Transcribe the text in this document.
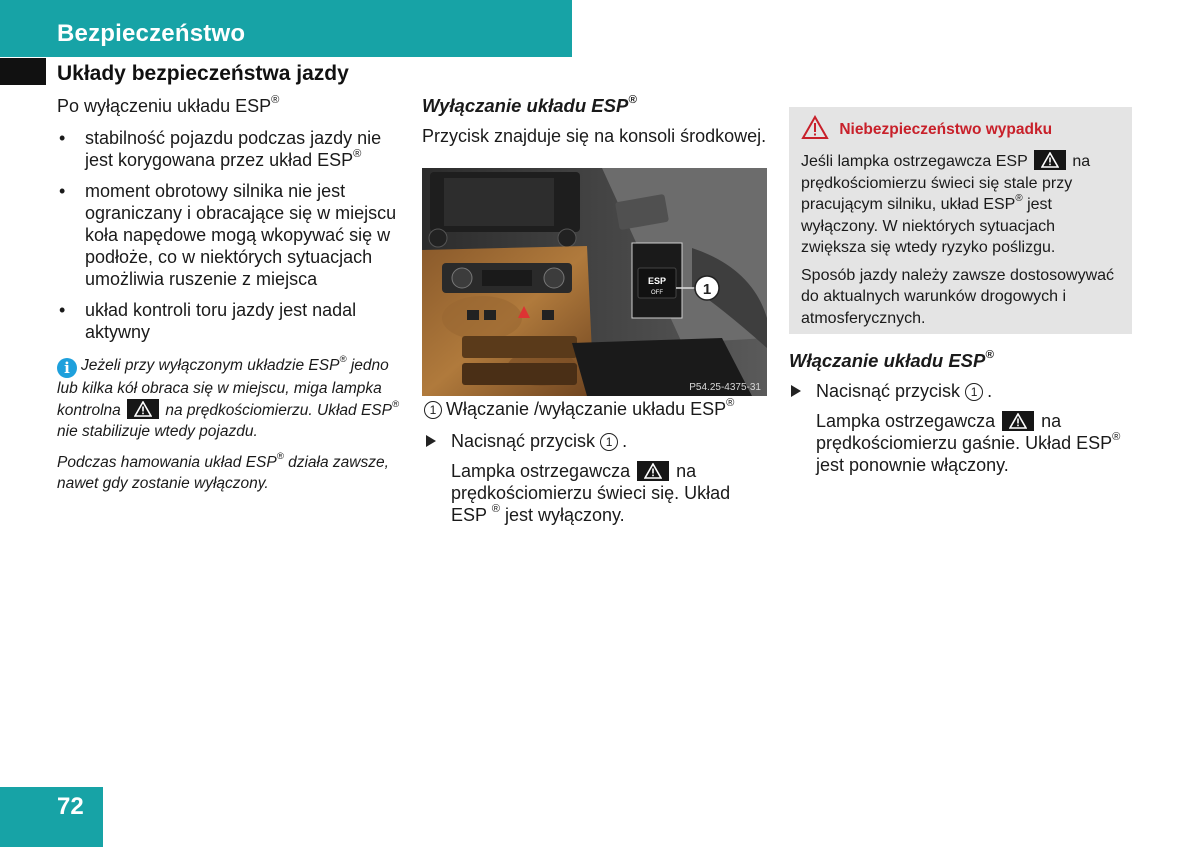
Bezpieczeństwo
Układy bezpieczeństwa jazdy

Po wyłączeniu układu ESP®

• stabilność pojazdu podczas jazdy nie jest korygowana przez układ ESP®
• moment obrotowy silnika nie jest ograniczany i obracające się w miejscu koła napędowe mogą wkopywać się w podłoże, co w niektórych sytuacjach umożliwia ruszenie z miejsca
• układ kontroli toru jazdy jest nadal aktywny

i Jeżeli przy wyłączonym układzie ESP® jedno lub kilka kół obraca się w miejscu, miga lampka kontrolna	na prędkościomierzu. Układ ESP® nie stabilizuje wtedy pojazdu.

Podczas hamowania układ ESP® działa zawsze, nawet gdy zostanie wyłączony.

Wyłączanie układu ESP®

Przycisk znajduje się na konsoli środkowej.

ESP
OFF	1
P54.25-4375-31
1 Włączanie /wyłączanie układu ESP®
Nacisnąć przycisk 1 .
Lampka ostrzegawcza
na prędkościomierzu świeci się. Układ ESP ® jest wyłączony.
Niebezpieczeństwo wypadku

Jeśli lampka ostrzegawcza ESP	na prędkościomierzu świeci się stale przy pracującym silniku, układ ESP® jest wyłączony. W niektórych sytuacjach zwiększa się wtedy ryzyko poślizgu.

Sposób jazdy należy zawsze dostosowywać do aktualnych warunków drogowych i atmosferycznych.

Włączanie układu ESP®

Nacisnąć przycisk 1 .
Lampka ostrzegawcza
na prędkościomierzu gaśnie. Układ ESP® jest ponownie włączony.
72
